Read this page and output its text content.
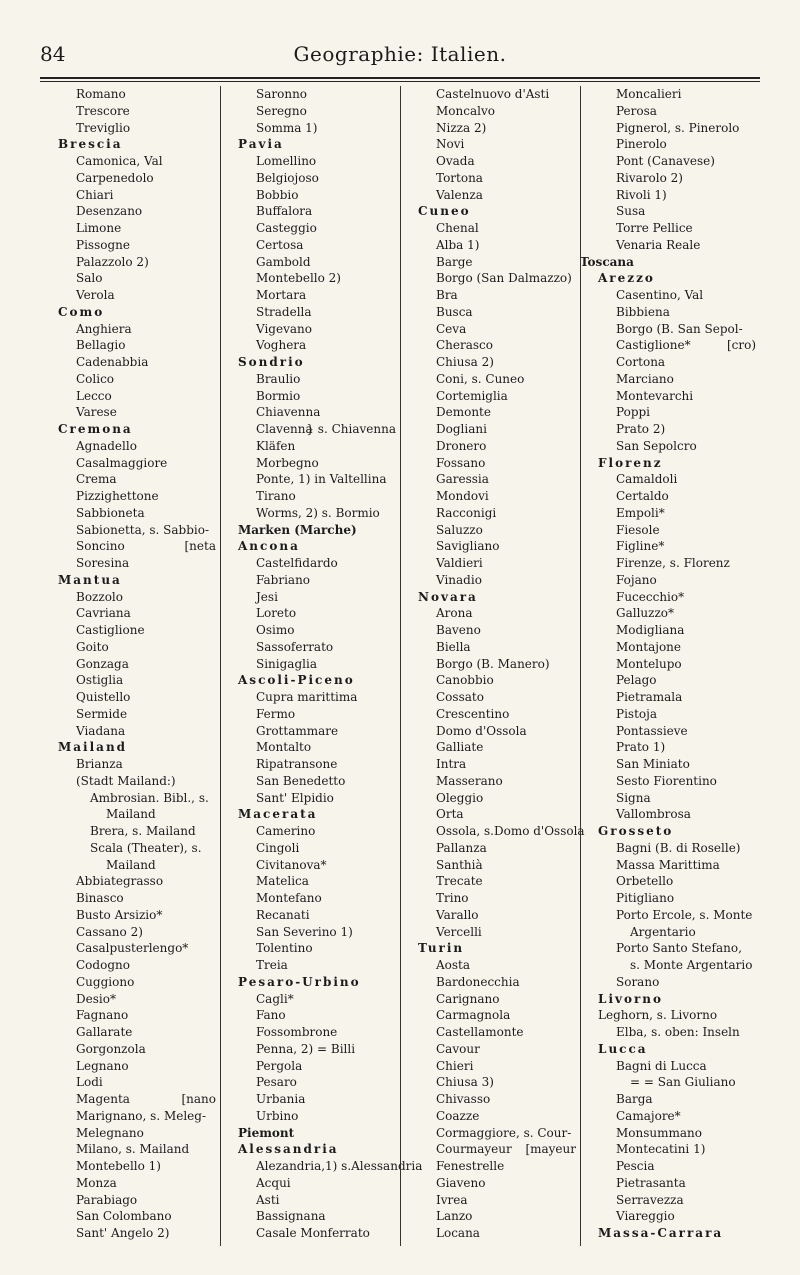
84	Geographie: Italien.
Romano
Trescore
Treviglio
Brescia
Camonica, Val
Carpenedolo
Chiari
Desenzano
Limone
Pissogne
Palazzolo 2)
Salo
Verola
Como
Anghiera
Bellagio
Cadenabbia
Colico
Lecco
Varese
Cremona
Agnadello
Casalmaggiore
Crema
Pizzighettone
Sabbioneta
Sabionetta, s. Sabbio-
Soncino	[neta
Soresina
Mantua
Bozzolo
Cavriana
Castiglione
Goito
Gonzaga
Ostiglia
Quistello
Sermide
Viadana
Mailand
Brianza
(Stadt Mailand:)
Ambrosian. Bibl., s.
Mailand
Brera, s. Mailand
Scala (Theater), s.
Mailand
Abbiategrasso
Binasco
Busto Arsizio*
Cassano 2)
Casalpusterlengo*
Codogno
Cuggiono
Desio*
Fagnano
Gallarate
Gorgonzola
Legnano
Lodi
Magenta	[nano
Marignano, s. Meleg-
Melegnano
Milano, s. Mailand
Montebello 1)
Monza
Parabiago
San Colombano
Sant' Angelo 2)
Saronno
Seregno
Somma 1)
Pavia
Lomellino
Belgiojoso
Bobbio
Buffalora
Casteggio
Certosa
Gambold
Montebello 2)
Mortara
Stradella
Vigevano
Voghera
Sondrio
Braulio
Bormio
Chiavenna
Clavenna
} s. Chiavenna
Kläfen
Morbegno
Ponte, 1) in Valtellina
Tirano
Worms, 2) s. Bormio
Marken (Marche)
Ancona
Castelfidardo
Fabriano
Jesi
Loreto
Osimo
Sassoferrato
Sinigaglia
Ascoli-Piceno
Cupra marittima
Fermo
Grottammare
Montalto
Ripatransone
San Benedetto
Sant' Elpidio
Macerata
Camerino
Cingoli
Civitanova*
Matelica
Montefano
Recanati
San Severino 1)
Tolentino
Treia
Pesaro-Urbino
Cagli*
Fano
Fossombrone
Penna, 2) = Billi
Pergola
Pesaro
Urbania
Urbino
Piemont
Alessandria
Alezandria,1) s.Alessandria
Acqui
Asti
Bassignana
Casale Monferrato
Castelnuovo d'Asti
Moncalvo
Nizza 2)
Novi
Ovada
Tortona
Valenza
Cuneo
Chenal
Alba 1)
Barge
Borgo (San Dalmazzo)
Bra
Busca
Ceva
Cherasco
Chiusa 2)
Coni, s. Cuneo
Cortemiglia
Demonte
Dogliani
Dronero
Fossano
Garessia
Mondovi
Racconigi
Saluzzo
Savigliano
Valdieri
Vinadio
Novara
Arona
Baveno
Biella
Borgo (B. Manero)
Canobbio
Cossato
Crescentino
Domo d'Ossola
Galliate
Intra
Masserano
Oleggio
Orta
Ossola, s.Domo d'Ossola
Pallanza
Santhià
Trecate
Trino
Varallo
Vercelli
Turin
Aosta
Bardonecchia
Carignano
Carmagnola
Castellamonte
Cavour
Chieri
Chiusa 3)
Chivasso
Coazze
Cormaggiore, s. Cour-
Courmayeur [mayeur
Fenestrelle
Giaveno
Ivrea
Lanzo
Locana
Moncalieri
Perosa
Pignerol, s. Pinerolo
Pinerolo
Pont (Canavese)
Rivarolo 2)
Rivoli 1)
Susa
Torre Pellice
Venaria Reale
Toscana
Arezzo
Casentino, Val
Bibbiena
Borgo (B. San Sepol-
Castiglione*	[cro)
Cortona
Marciano
Montevarchi
Poppi
Prato 2)
San Sepolcro
Florenz
Camaldoli
Certaldo
Empoli*
Fiesole
Figline*
Firenze, s. Florenz
Fojano
Fucecchio*
Galluzzo*
Modigliana
Montajone
Montelupo
Pelago
Pietramala
Pistoja
Pontassieve
Prato 1)
San Miniato
Sesto Fiorentino
Signa
Vallombrosa
Grosseto
Bagni (B. di Roselle)
Massa Marittima
Orbetello
Pitigliano
Porto Ercole, s. Monte
Argentario
Porto Santo Stefano,
s. Monte Argentario
Sorano
Livorno
Leghorn, s. Livorno
Elba, s. oben: Inseln
Lucca
Bagni di Lucca
= = San Giuliano
Barga
Camajore*
Monsummano
Montecatini 1)
Pescia
Pietrasanta
Serravezza
Viareggio
Massa-Carrara
